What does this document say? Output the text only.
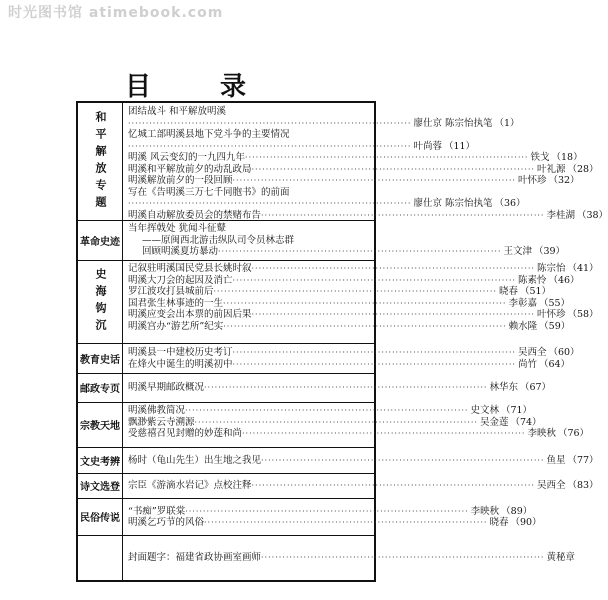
时光图书馆 atimebook.com
目 录
和平解放专题	团结战斗 和平解放明溪
················································································ 廖仕京 陈宗怡执笔 （1）
忆城工部明溪县地下党斗争的主要情况
················································································ 叶尚蓉 （11）
明溪 风云变幻的一九四九年 ················································································ 铁戈 （18）
明溪和平解放前夕的动乱政局 ················································································ 叶礼源 （28）
明溪解放前夕的一段回顾 ················································································ 叶怀珍 （32）
写在《告明溪三万七千同胞书》的前面
················································································ 廖仕京 陈宗怡执笔 （36）
明溪自动解放委员会的禁赌布告 ················································································ 李桂湖 （38）
革命史迹
当年挥戟处 犹闻斗征鼙
——原闽西北游击纵队司令员林志群
回顾明溪夏坊暴动 ················································································ 王文津 （39）
史海钩沉	记叙驻明溪国民党县长姚时叙 ················································································ 陈宗怡 （41）
明溪大刀会的起因及消亡 ················································································ 陈素怜 （46）
罗江波攻打县城前后 ················································································ 晓春 （51）
国君张生林事迹的一生 ················································································ 李彰嘉 （55）
明溪应变会出本票的前因后果 ················································································ 叶怀珍 （58）
明溪宫办“游艺所”纪实 ················································································ 赖水隆 （59）
教育史话
明溪县一中建校历史考订 ················································································ 吴西全 （60）
在烽火中诞生的明溪初中 ················································································ 尚竹 （64）
邮政专页 明溪早期邮政概况 ················································································ 林华东 （67）
宗教天地
明溪佛教简况 ················································································ 史文林 （71）
飘渺紫云寺溯源 ················································································ 吴金莲 （74）
受慈禧召见封赠的妙莲和尚 ················································································ 李映秋 （76）
文史考辨 杨时（龟山先生）出生地之我见 ················································································ 鱼星 （77）
诗文选登 宗臣《游滴水岩记》点校注释 ················································································ 吴西全 （83）
民俗传说
“书痴”罗联棠 ················································································ 李映秋 （89）
明溪乞巧节的风俗 ················································································ 晓春 （90）
封面题字：福建省政协画室画师 ················································································ 黄秘章
